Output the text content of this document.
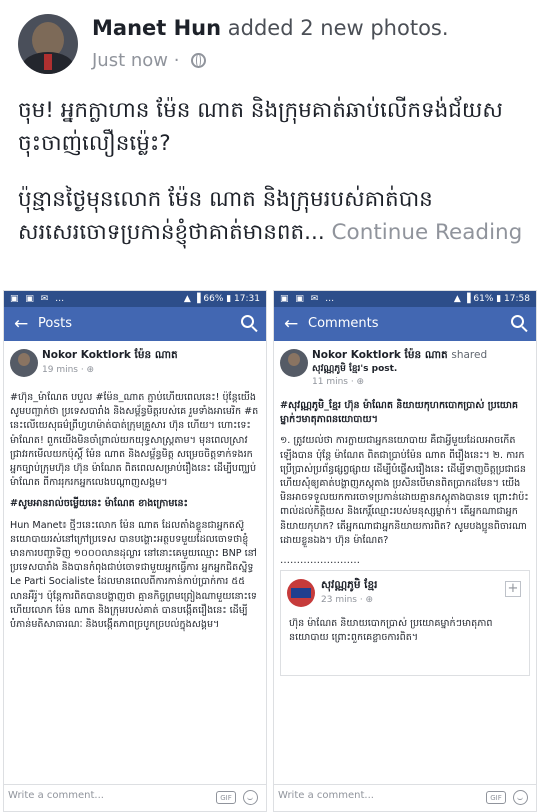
Manet Hun added 2 new photos.
Just now ·

ចុម! អ្នកក្លាហាន ម៉ែន ណាត និងក្រុមគាត់ឆាប់លើកទង់ជ័យសចុះចាញ់លឿនម្ល៉េះ?

ប៉ុន្មានថ្ងៃមុនលោក ម៉ែន ណាត និងក្រុមរបស់គាត់បានសរសេរចោទប្រកាន់ខ្ញុំថាគាត់មានពត... Continue Reading

▣ ▣ ✉ …	▲ ▐ 66% ▮ 17:31
← Posts
Nokor Koktlork ម៉ែន ណាត
19 mins · ⊕

#ហ៊ុន_ម៉ាណែត បបួល #ម៉ែន_ណាត ភ្ជាប់ហើយពេលនេះ! ប៉ុន្តែយើង សូមបញ្ជាក់ថា ប្រទេសបារាំង និងសម្ព័ន្ធមិត្តរបស់គេ រួមទាំងអាមេរិក #តនេះលើយេសុធម៌ព្រីហ្វហម៉ាត់បាត់ក្រុមគ្រួសារ ហ៊ុន ហើយ។ ហោះទេះ ម៉ាណែត! ពួកយើងមិនចាំព្រាល់យកយុទ្ធសាស្ត្រតាម។ មុនពេលស្រាវជ្រាវរកមើលយកប៉ុស្តិ៍ ម៉ែន ណាត និងសម្ព័ន្ធមិត្ត សម្រេចចិត្តទាក់ទងរកអ្នកច្បាប់ក្រុមហ៊ុន ហ៊ុន ម៉ាណែត ពិតពេលសម្រាប់រឿងនេះ ដើម្បីបញ្ឈប់ម៉ាណែត ពីការរុករកអ្នកលេងបណ្តាញសង្គម។

#សូមអានរាល់ចម្លើយនេះ ម៉ាណែត ខាងក្រោមនេះ

Hun Manet៖ ថ្មីៗនេះលោក ម៉ែន ណាត ដែលតាំងខ្លួនជាអ្នកតស៊ូនយោបាយរស់នៅក្រៅប្រទេស បានបង្ហោះអត្ថបទមួយដែលចោទថាខ្ញុំមានការបញ្ជាទិញ ១០០០លានដុល្លារ នៅនោះគេមួយឈ្មោះ BNP នៅប្រទេសបារាំង និងបានកំពុងជាប់ចោទជាមួយអ្នកធ្វើការ អ្នកអ្នកជិតស្និទ្ធ Le Parti Socialiste ដែលមានពេលពីការកាន់កាប់ប្រាក់ការ ៥៥ លានអឺរ៉ូ។ ប៉ុន្តែការពិតបានបង្ហាញថា គ្មានកិច្ចព្រមព្រៀងណាមួយនោះទេ ហើយលោក ម៉ែន ណាត និងក្រុមរបស់គាត់ បានបង្កើតរឿងនេះ ដើម្បីបំភាន់មតិសាធារណៈ និងបង្កើតភាពច្របូកច្របល់ក្នុងសង្គម។

Write a comment...	GIF
▣ ▣ ✉ …	▲ ▐ 61% ▮ 17:58
← Comments
Nokor Koktlork ម៉ែន ណាត shared
សុវណ្ណភូមិ ខ្មែរ's post.
11 mins · ⊕

#សុវណ្ណភូមិ_ខ្មែរ ហ៊ុន ម៉ាណែត និយាយកុហកបោកប្រាស់ ប្រយោគ ម្នាក់ៗមាតុភាពនយោបាយ។

១. ត្រូវយល់ថា ការក្លាយជាអ្នកនយោបាយ គឺជាអ្វីមួយដែលអាចកើតឡើងបាន ប៉ុន្តែ ម៉ាណែត ពិតជាប្រាប់ម៉ែន ណាត ពីរឿងនេះ។ ២. ការក ប្រើប្រាស់ប្រព័ន្ធផ្សព្វផ្សាយ ដើម្បីបំផ្លើសរឿងនេះ ដើម្បីទាញចិត្តប្រជាជន ហើយសុំឲ្យគាត់បង្ហាញភស្តុតាង ប្រសិនបើមានពិតប្រាកដមែន។ យើងមិនអាចទទួលយកការចោទប្រកាន់ដោយគ្មានភស្តុតាងបានទេ ព្រោះវាប៉ះពាល់ដល់កិត្តិយស និងកេរ្តិ៍ឈ្មោះរបស់មនុស្សម្នាក់។ តើអ្នកណាជាអ្នកនិយាយកុហក? តើអ្នកណាជាអ្នកនិយាយការពិត? សូមបងប្អូនពិចារណាដោយខ្លួនឯង។ ហ៊ុន ម៉ាណែត?

……………………
សុវណ្ណភូមិ ខ្មែរ
23 mins · ⊕
+
ហ៊ុន ម៉ាណែត និយាយបោកប្រាស់ ប្រយោគម្នាក់ៗមាតុភាពនយោបាយ ព្រោះពួកគេខ្លាចការពិត។
Write a comment...	GIF
